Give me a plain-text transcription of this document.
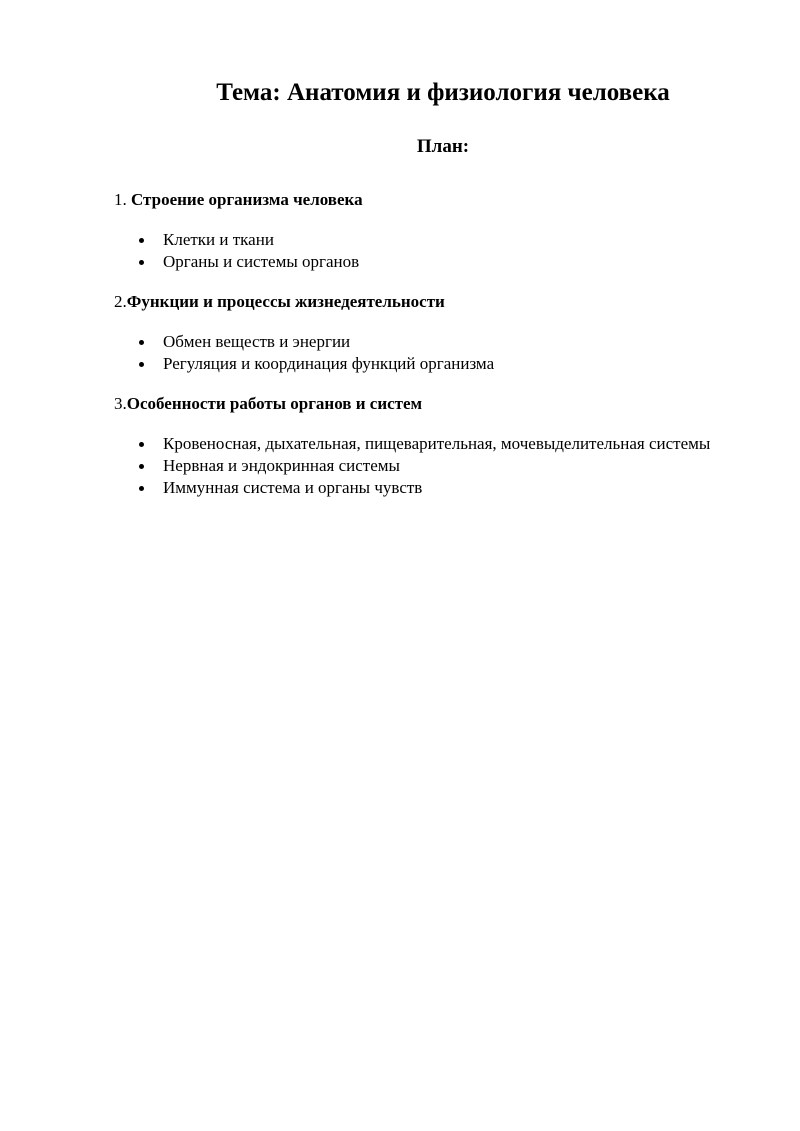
Тема: Анатомия и физиология человека
План:

1. Строение организма человека

Клетки и ткани
Органы и системы органов

2.Функции и процессы жизнедеятельности

Обмен веществ и энергии
Регуляция и координация функций организма

3.Особенности работы органов и систем

Кровеносная, дыхательная, пищеварительная, мочевыделительная системы
Нервная и эндокринная системы
Иммунная система и органы чувств
